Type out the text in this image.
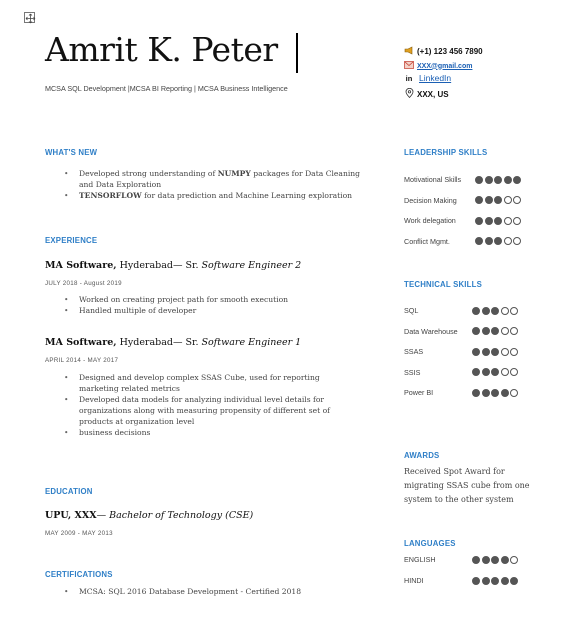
Amrit K. Peter
MCSA SQL Development |MCSA BI Reporting | MCSA Business Intelligence
(+1) 123 456 7890
XXX@gmail.com
in LinkedIn
XXX, US
WHAT'S NEW
• Developed strong understanding of NUMPY packages for Data Cleaning
and Data Exploration
• TENSORFLOW for data prediction and Machine Learning exploration
EXPERIENCE
MA Software, Hyderabad— Sr. Software Engineer 2
JULY 2018 - August 2019
• Worked on creating project path for smooth execution
• Handled multiple of developer
MA Software, Hyderabad— Sr. Software Engineer 1
APRIL 2014 - MAY 2017
• Designed and develop complex SSAS Cube, used for reporting
marketing related metrics
• Developed data models for analyzing individual level details for
organizations along with measuring propensity of different set of
products at organization level
• business decisions
EDUCATION
UPU, XXX— Bachelor of Technology (CSE)
MAY 2009 - MAY 2013
CERTIFICATIONS
• MCSA: SQL 2016 Database Development - Certified 2018
LEADERSHIP SKILLS
Motivational Skills
Decision Making
Work delegation
Conflict Mgmt.
TECHNICAL SKILLS
SQL
Data Warehouse
SSAS
SSIS
Power BI
AWARDS
Received Spot Award for
migrating SSAS cube from one
system to the other system
LANGUAGES
ENGLISH
HINDI
